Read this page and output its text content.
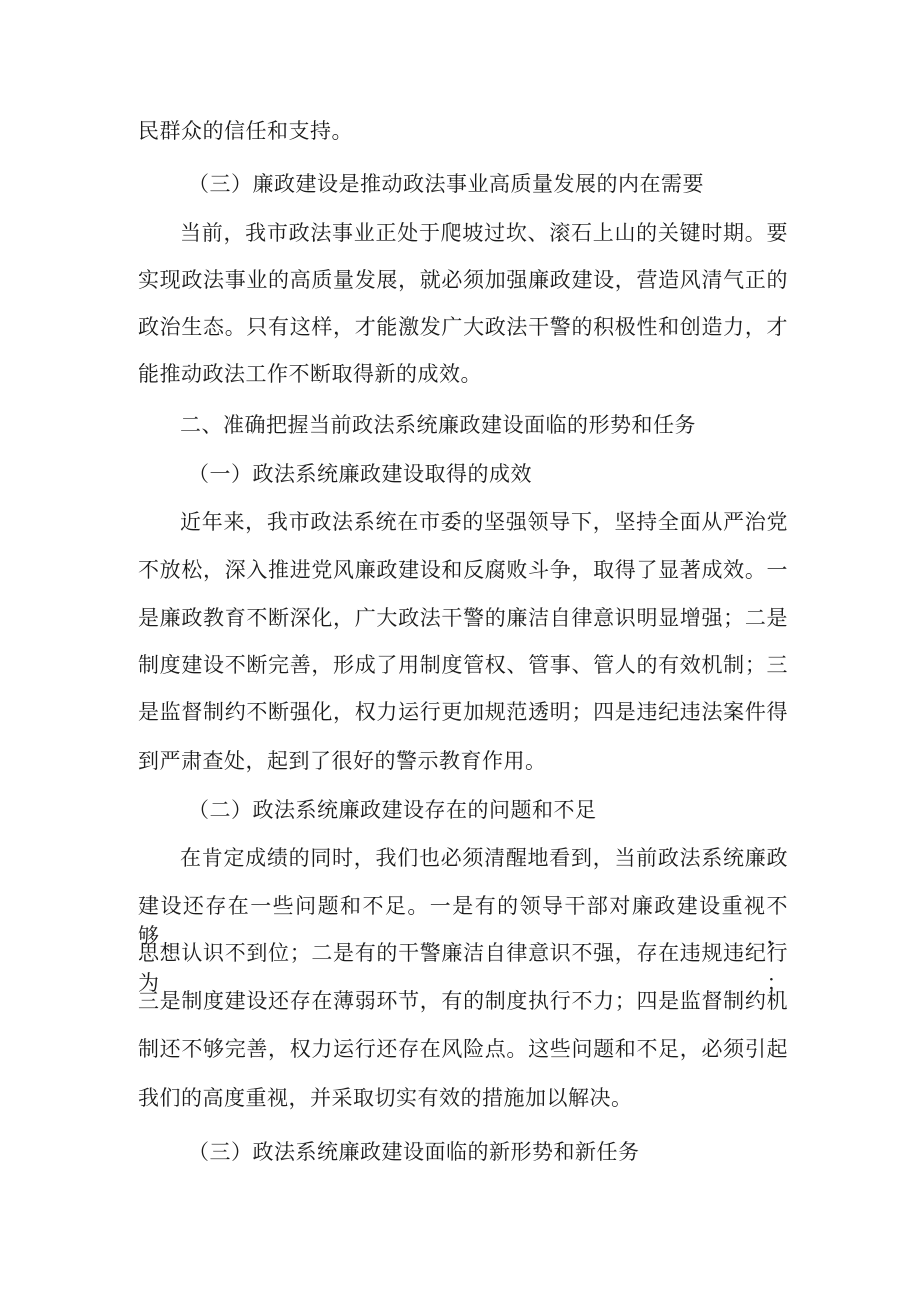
民群众的信任和支持。
（三）廉政建设是推动政法事业高质量发展的内在需要
当前，我市政法事业正处于爬坡过坎、滚石上山的关键时期。要
实现政法事业的高质量发展，就必须加强廉政建设，营造风清气正的
政治生态。只有这样，才能激发广大政法干警的积极性和创造力，才
能推动政法工作不断取得新的成效。
二、准确把握当前政法系统廉政建设面临的形势和任务
（一）政法系统廉政建设取得的成效
近年来，我市政法系统在市委的坚强领导下，坚持全面从严治党
不放松，深入推进党风廉政建设和反腐败斗争，取得了显著成效。一
是廉政教育不断深化，广大政法干警的廉洁自律意识明显增强；二是
制度建设不断完善，形成了用制度管权、管事、管人的有效机制；三
是监督制约不断强化，权力运行更加规范透明；四是违纪违法案件得
到严肃查处，起到了很好的警示教育作用。
（二）政法系统廉政建设存在的问题和不足
在肯定成绩的同时，我们也必须清醒地看到，当前政法系统廉政
建设还存在一些问题和不足。一是有的领导干部对廉政建设重视不够，
思想认识不到位；二是有的干警廉洁自律意识不强，存在违规违纪行为；
三是制度建设还存在薄弱环节，有的制度执行不力；四是监督制约机
制还不够完善，权力运行还存在风险点。这些问题和不足，必须引起
我们的高度重视，并采取切实有效的措施加以解决。
（三）政法系统廉政建设面临的新形势和新任务
